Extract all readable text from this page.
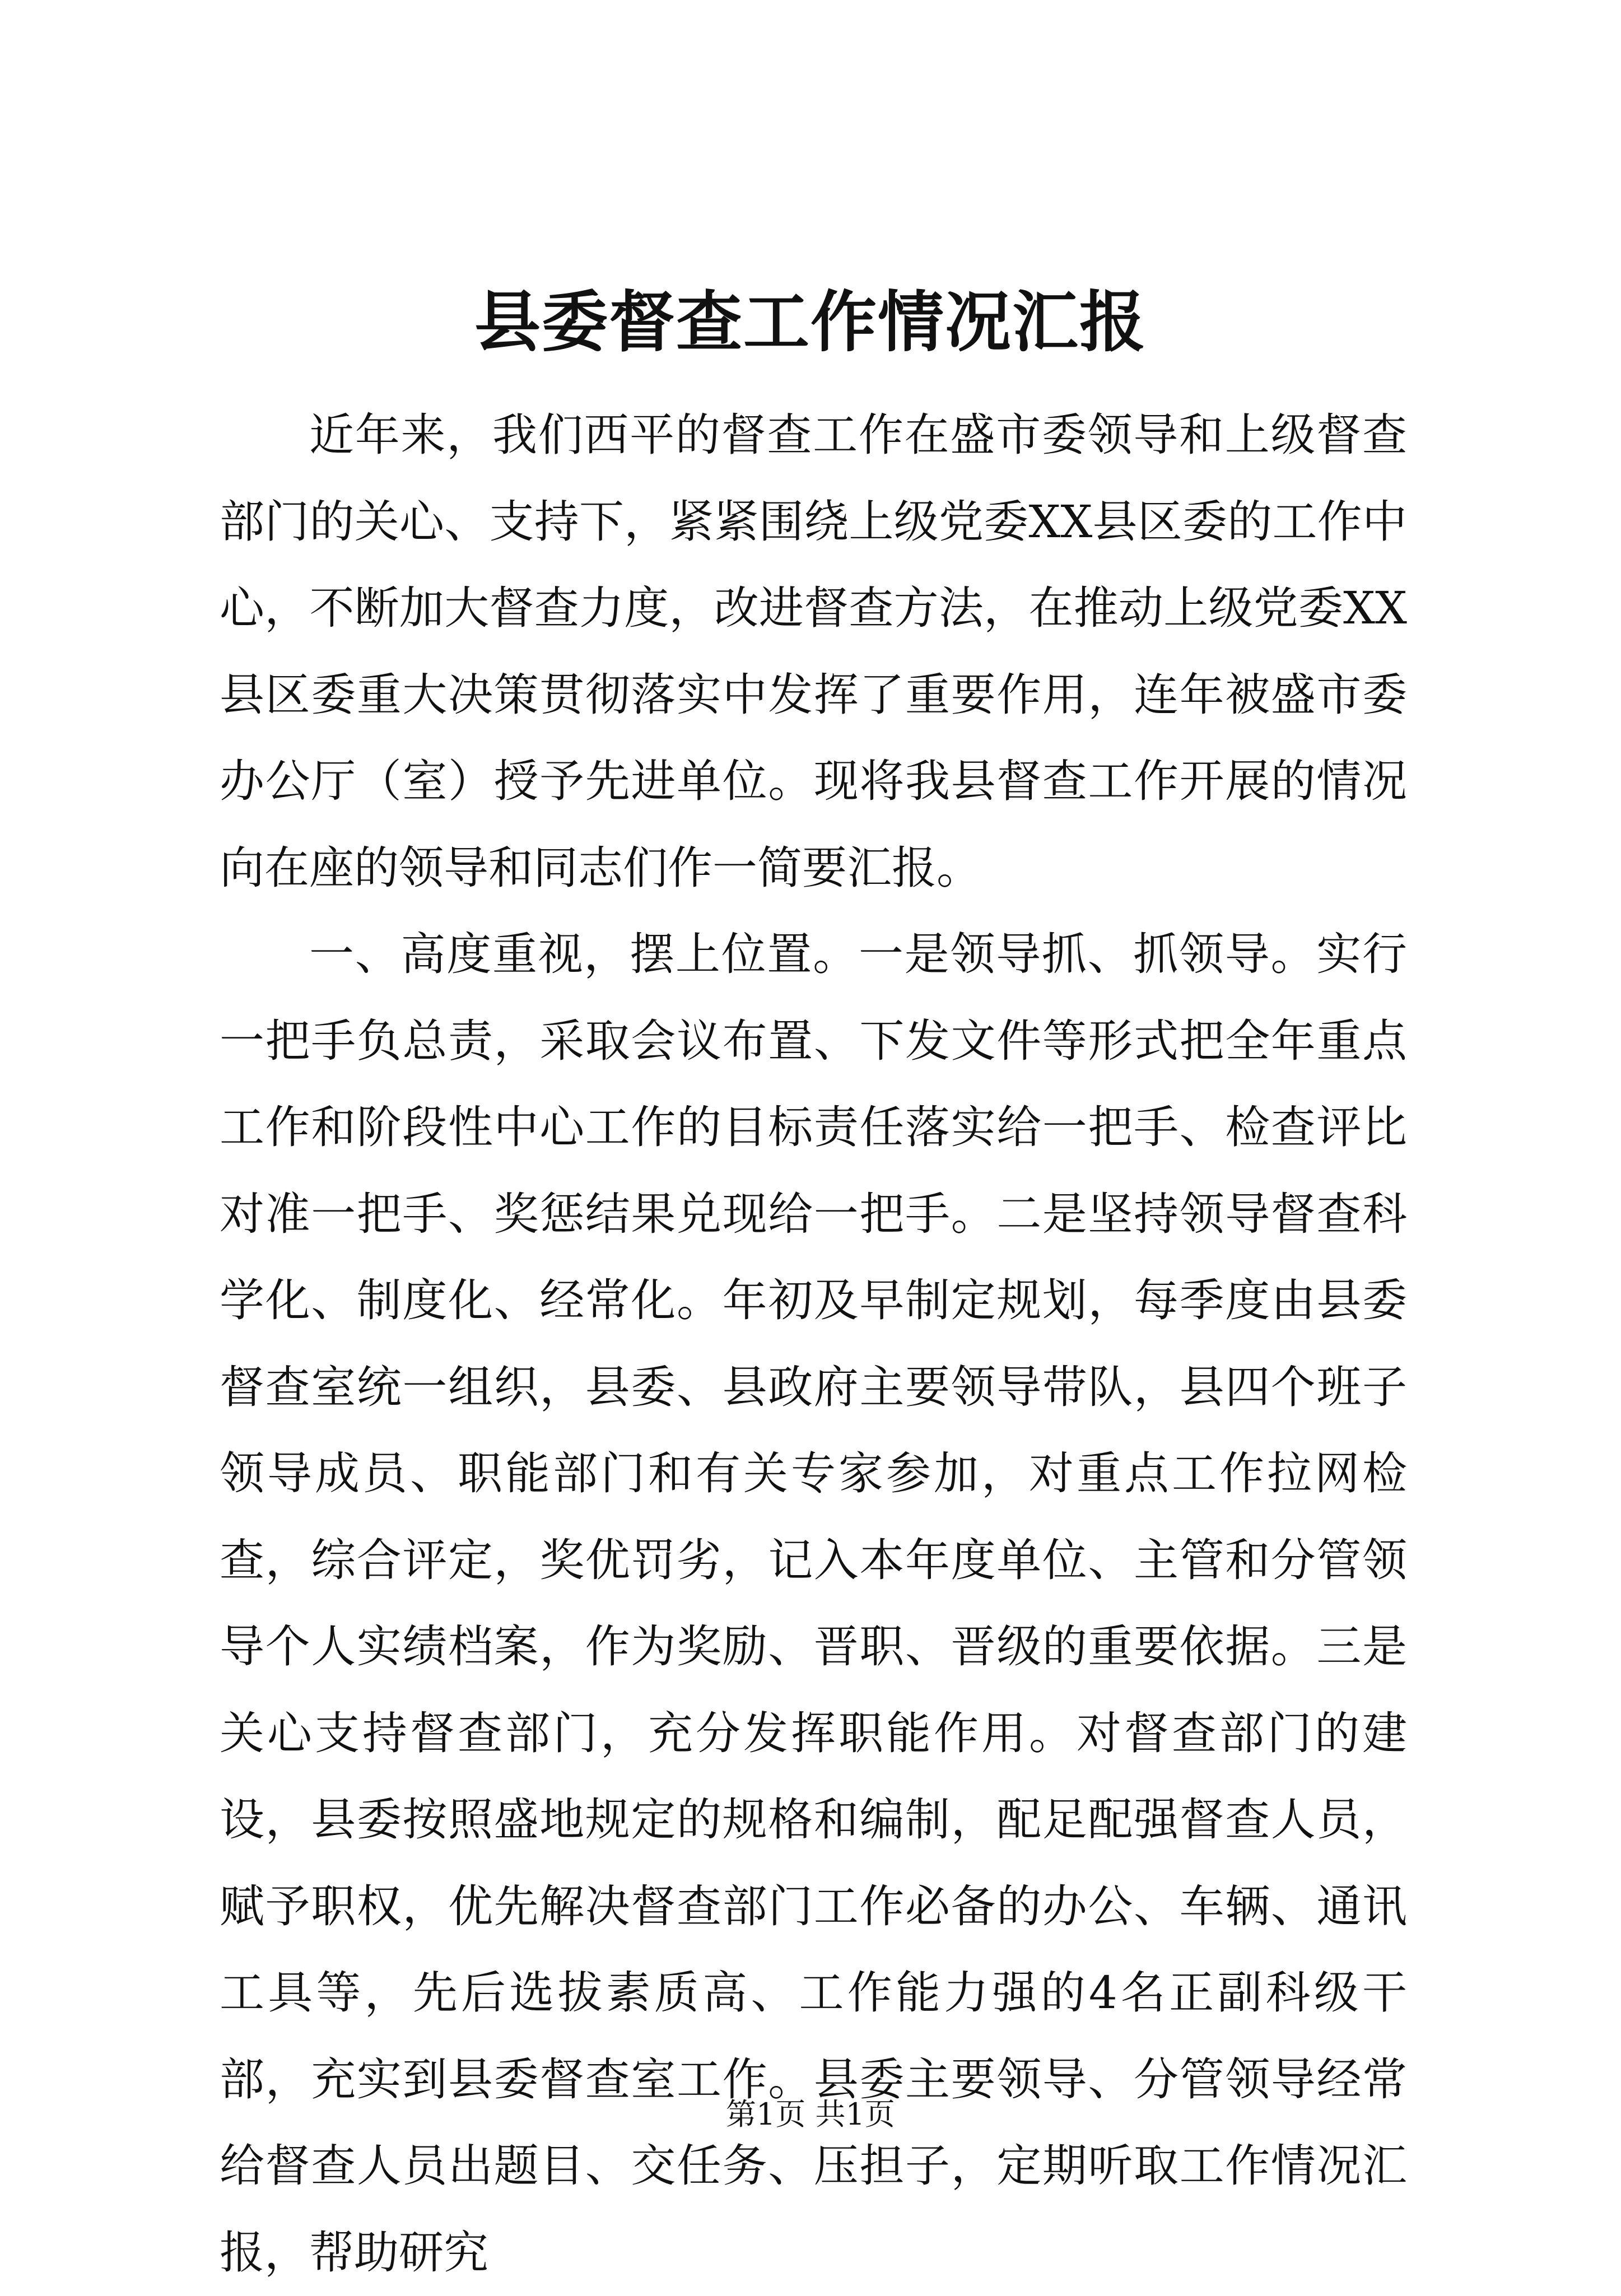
县委督查工作情况汇报

近年来，我们西平的督查工作在盛市委领导和上级督查部门的关心、支持下，紧紧围绕上级党委XX县区委的工作中心，不断加大督查力度，改进督查方法，在推动上级党委XX县区委重大决策贯彻落实中发挥了重要作用，连年被盛市委办公厅（室）授予先进单位。现将我县督查工作开展的情况向在座的领导和同志们作一简要汇报。

一、高度重视，摆上位置。一是领导抓、抓领导。实行一把手负总责，采取会议布置、下发文件等形式把全年重点工作和阶段性中心工作的目标责任落实给一把手、检查评比对准一把手、奖惩结果兑现给一把手。二是坚持领导督查科学化、制度化、经常化。年初及早制定规划，每季度由县委督查室统一组织，县委、县政府主要领导带队，县四个班子领导成员、职能部门和有关专家参加，对重点工作拉网检查，综合评定，奖优罚劣，记入本年度单位、主管和分管领导个人实绩档案，作为奖励、晋职、晋级的重要依据。三是关心支持督查部门，充分发挥职能作用。对督查部门的建设，县委按照盛地规定的规格和编制，配足配强督查人员，赋予职权，优先解决督查部门工作必备的办公、车辆、通讯工具等，先后选拔素质高、工作能力强的4名正副科级干部，充实到县委督查室工作。县委主要领导、分管领导经常给督查人员出题目、交任务、压担子，定期听取工作情况汇报，帮助研究

第1页 共1页
